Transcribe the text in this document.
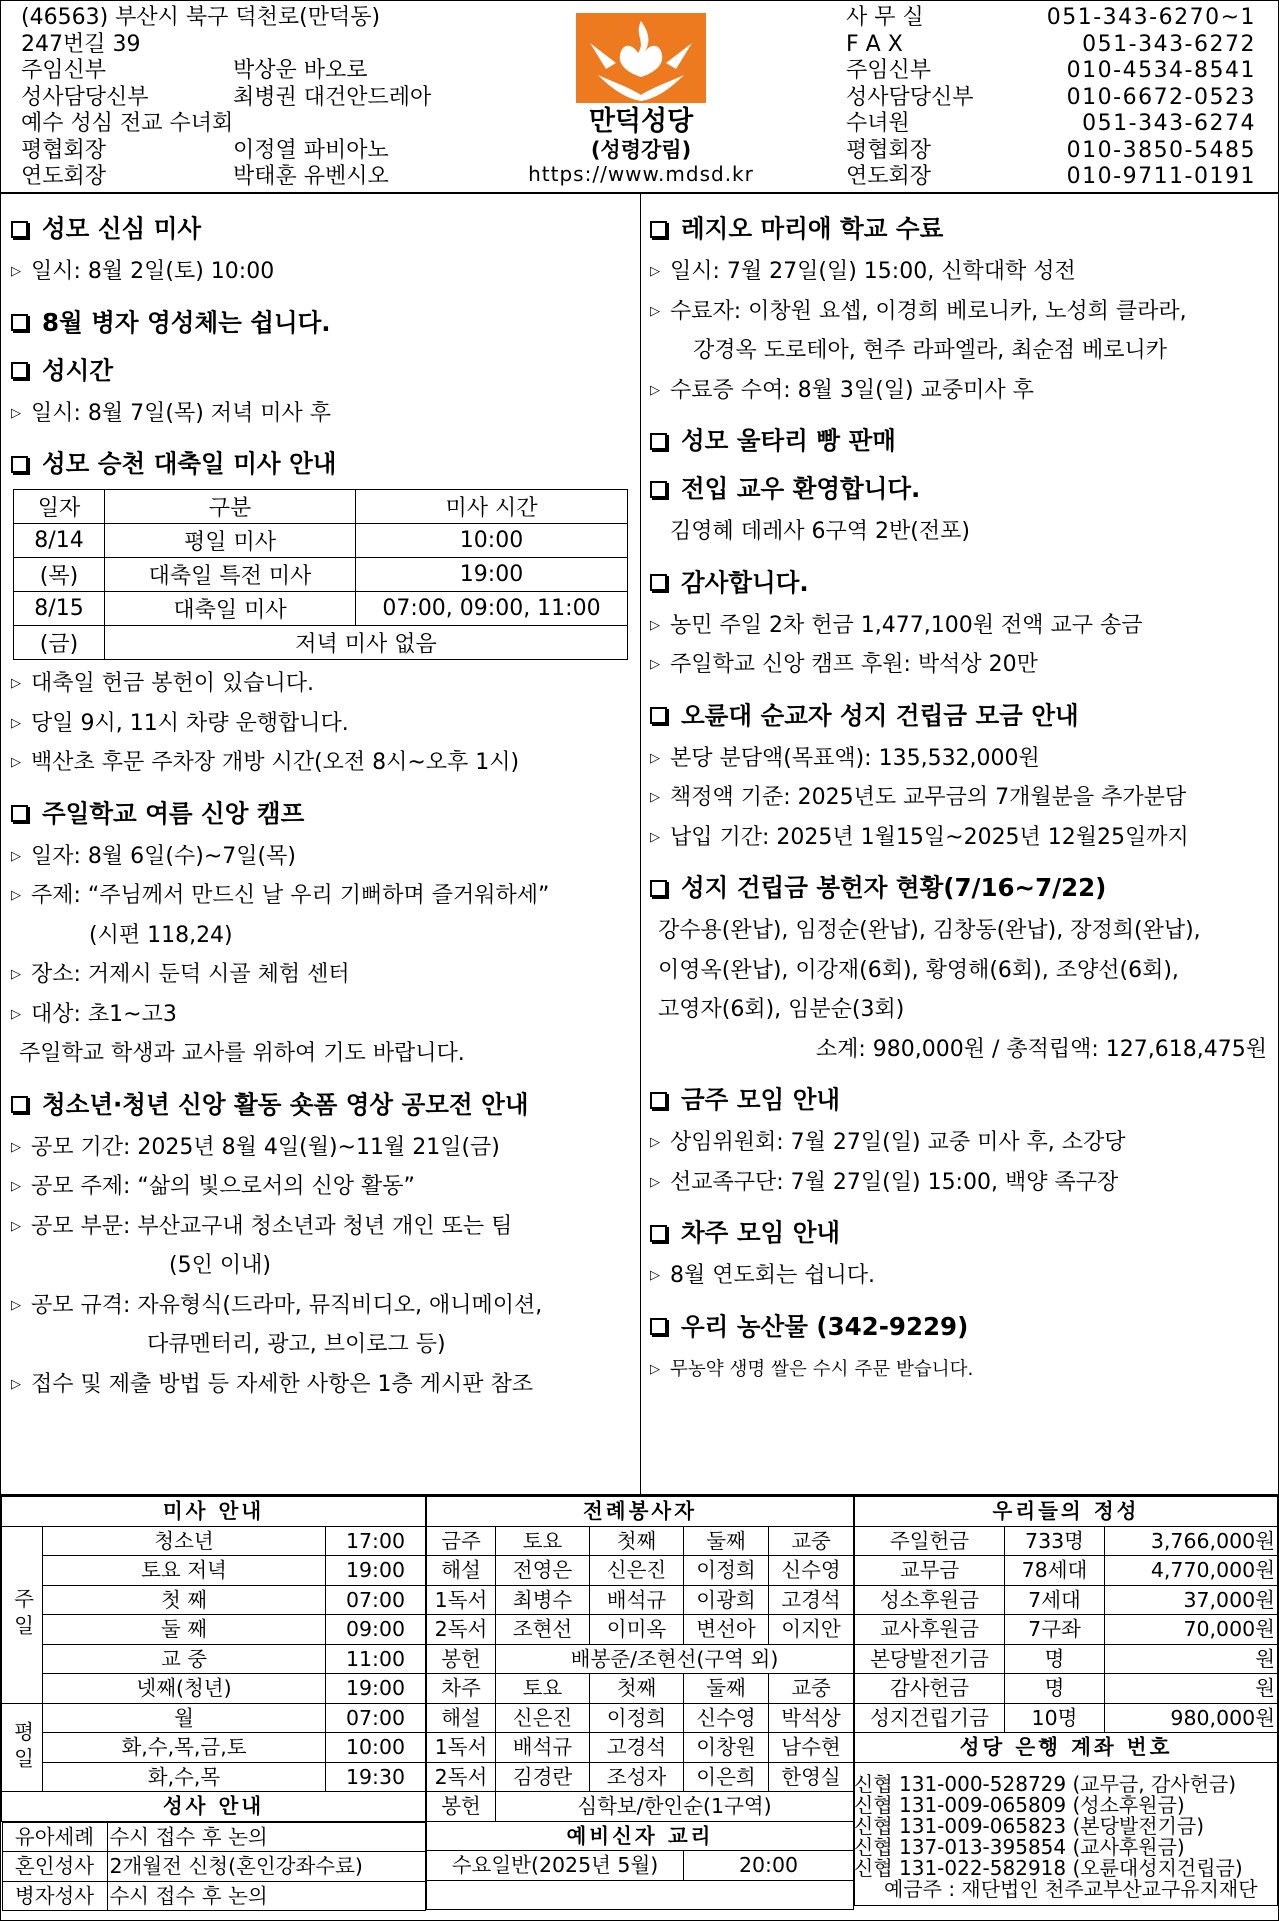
(46563) 부산시 북구 덕천로(만덕동)
247번길 39
주임신부	박상운 바오로
성사담당신부	최병권 대건안드레아
예수 성심 전교 수녀회
평협회장	이정열 파비아노
연도회장	박태훈 유벤시오
만덕성당
(성령강림)
https://www.mdsd.kr
사 무 실	051-343-6270~1
F A X	051-343-6272
주임신부	010-4534-8541
성사담당신부	010-6672-0523
수녀원	051-343-6274
평협회장	010-3850-5485
연도회장	010-9711-0191
성모 신심 미사
▷ 일시: 8월 2일(토) 10:00
8월 병자 영성체는 쉽니다.
성시간
▷ 일시: 8월 7일(목) 저녁 미사 후
성모 승천 대축일 미사 안내
일자	구분	미사 시간
8/14	평일 미사	10:00
(목)	대축일 특전 미사	19:00
8/15	대축일 미사	07:00, 09:00, 11:00
(금)	저녁 미사 없음	
▷ 대축일 헌금 봉헌이 있습니다.
▷ 당일 9시, 11시 차량 운행합니다.
▷ 백산초 후문 주차장 개방 시간(오전 8시~오후 1시)
주일학교 여름 신앙 캠프
▷ 일자: 8월 6일(수)~7일(목)
▷ 주제: “주님께서 만드신 날 우리 기뻐하며 즐거워하세”
(시편 118,24)
▷ 장소: 거제시 둔덕 시골 체험 센터
▷ 대상: 초1~고3
주일학교 학생과 교사를 위하여 기도 바랍니다.
청소년·청년 신앙 활동 숏폼 영상 공모전 안내
▷ 공모 기간: 2025년 8월 4일(월)~11월 21일(금)
▷ 공모 주제: “삶의 빛으로서의 신앙 활동”
▷ 공모 부문: 부산교구내 청소년과 청년 개인 또는 팀
(5인 이내)
▷ 공모 규격: 자유형식(드라마, 뮤직비디오, 애니메이션,
다큐멘터리, 광고, 브이로그 등)
▷ 접수 및 제출 방법 등 자세한 사항은 1층 게시판 참조
레지오 마리애 학교 수료
▷ 일시: 7월 27일(일) 15:00, 신학대학 성전
▷ 수료자: 이창원 요셉, 이경희 베로니카, 노성희 클라라,
강경옥 도로테아, 현주 라파엘라, 최순점 베로니카
▷ 수료증 수여: 8월 3일(일) 교중미사 후
성모 울타리 빵 판매
전입 교우 환영합니다.
김영혜 데레사 6구역 2반(전포)
감사합니다.
▷ 농민 주일 2차 헌금 1,477,100원 전액 교구 송금
▷ 주일학교 신앙 캠프 후원: 박석상 20만
오륜대 순교자 성지 건립금 모금 안내
▷ 본당 분담액(목표액): 135,532,000원
▷ 책정액 기준: 2025년도 교무금의 7개월분을 추가분담
▷ 납입 기간: 2025년 1월15일~2025년 12월25일까지
성지 건립금 봉헌자 현황(7/16~7/22)
강수용(완납), 임정순(완납), 김창동(완납), 장정희(완납),
이영옥(완납), 이강재(6회), 황영해(6회), 조양선(6회),
고영자(6회), 임분순(3회)
소계: 980,000원 / 총적립액: 127,618,475원
금주 모임 안내
▷ 상임위원회: 7월 27일(일) 교중 미사 후, 소강당
▷ 선교족구단: 7월 27일(일) 15:00, 백양 족구장
차주 모임 안내
▷ 8월 연도회는 쉽니다.
우리 농산물 (342-9229)
▷ 무농약 생명 쌀은 수시 주문 받습니다.
미사 안내
주일	청소년	17:00
토요 저녁	19:00
첫 째	07:00
둘 째	09:00
교 중	11:00
넷째(청년)	19:00
평일	월	07:00
화,수,목,금,토	10:00
화,수,목	19:30
성사 안내

유아세례	수시 접수 후 논의
혼인성사	2개월전 신청(혼인강좌수료)
병자성사	수시 접수 후 논의
전례봉사자				
금주	토요	첫째	둘째	교중
해설	전영은	신은진	이정희	신수영
1독서	최병수	배석규	이광희	고경석
2독서	조현선	이미옥	변선아	이지안
봉헌	배봉준/조현선(구역 외)			
차주	토요	첫째	둘째	교중
해설	신은진	이정희	신수영	박석상
1독서	배석규	고경석	이창원	남수현
2독서	김경란	조성자	이은희	한영실
봉헌	심학보/한인순(1구역)			
예비신자 교리				
수요일반(2025년 5월)			20:00	

우리들의 정성		
주일헌금	733명	3,766,000원
교무금	78세대	4,770,000원
성소후원금	7세대	37,000원
교사후원금	7구좌	70,000원
본당발전기금	명	원
감사헌금	명	원
성지건립기금	10명	980,000원
성당 은행 계좌 번호		

신협 131-000-528729 (교무금, 감사헌금)
신협 131-009-065809 (성소후원금)
신협 131-009-065823 (본당발전기금)
신협 137-013-395854 (교사후원금)
신협 131-022-582918 (오륜대성지건립금)
예금주 : 재단법인 천주교부산교구유지재단
